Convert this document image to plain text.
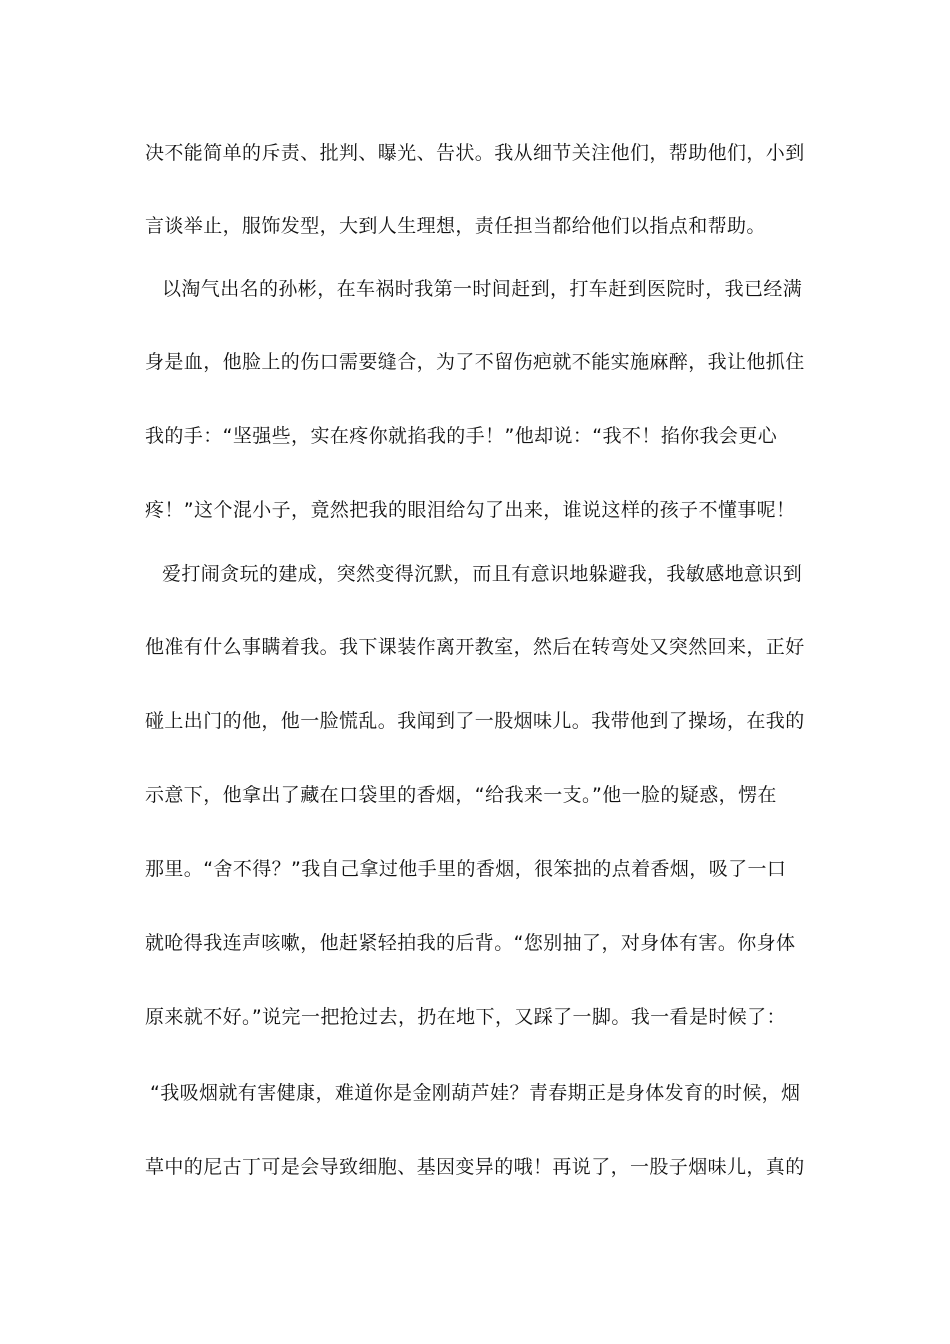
决不能简单的斥责、批判、曝光、告状。我从细节关注他们，帮助他们，小到
言谈举止，服饰发型，大到人生理想，责任担当都给他们以指点和帮助。
以淘气出名的孙彬，在车祸时我第一时间赶到，打车赶到医院时，我已经满
身是血，他脸上的伤口需要缝合，为了不留伤疤就不能实施麻醉，我让他抓住
我的手：“坚强些，实在疼你就掐我的手！”他却说：“我不！掐你我会更心
疼！”这个混小子，竟然把我的眼泪给勾了出来，谁说这样的孩子不懂事呢！
爱打闹贪玩的建成，突然变得沉默，而且有意识地躲避我，我敏感地意识到
他准有什么事瞒着我。我下课装作离开教室，然后在转弯处又突然回来，正好
碰上出门的他，他一脸慌乱。我闻到了一股烟味儿。我带他到了操场，在我的
示意下，他拿出了藏在口袋里的香烟，“给我来一支。”他一脸的疑惑，愣在
那里。“舍不得？”我自己拿过他手里的香烟，很笨拙的点着香烟，吸了一口
就呛得我连声咳嗽，他赶紧轻拍我的后背。“您别抽了，对身体有害。你身体
原来就不好。”说完一把抢过去，扔在地下，又踩了一脚。我一看是时候了：
“我吸烟就有害健康，难道你是金刚葫芦娃？青春期正是身体发育的时候，烟
草中的尼古丁可是会导致细胞、基因变异的哦！再说了，一股子烟味儿，真的
